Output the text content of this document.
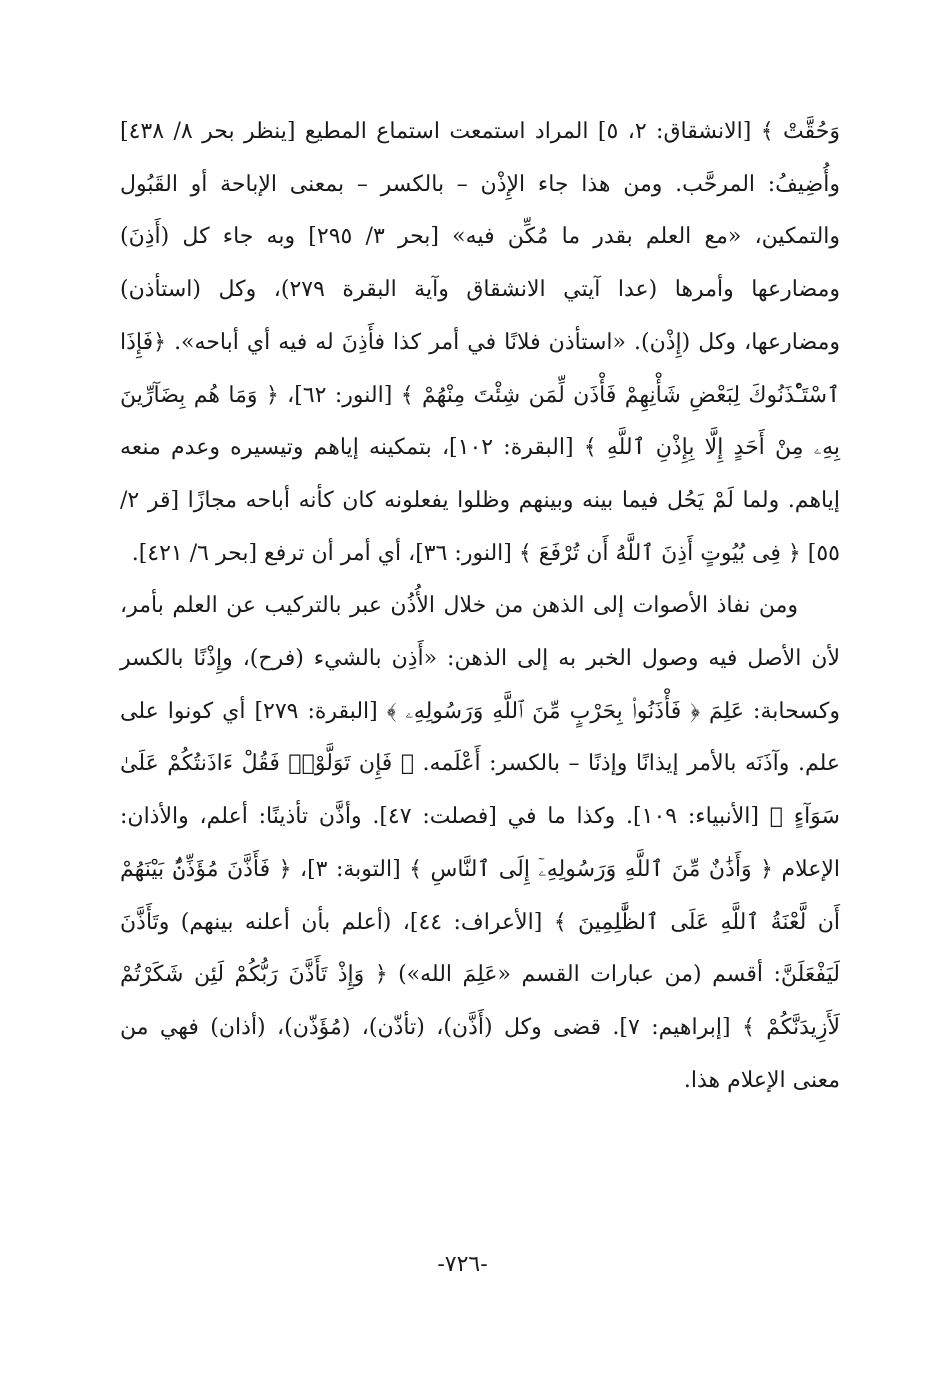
وَحُقَّتْ ﴾ [الانشقاق: ٢، ٥] المراد استمعت استماع المطيع [ينظر بحر ٨/ ٤٣٨] وأُضِيفُ: المرحَّب. ومن هذا جاء الإِذْن – بالكسر – بمعنى الإباحة أو القَبُول والتمكين، «مع العلم بقدر ما مُكِّن فيه» [بحر ٣/ ٢٩٥] وبه جاء كل (أَذِنَ) ومضارعها وأمرها (عدا آيتي الانشقاق وآية البقرة ٢٧٩)، وكل (استأذن) ومضارعها، وكل (إِذْن). «استأذن فلانًا في أمر كذا فأَذِنَ له فيه أي أباحه». ﴿فَإِذَا ٱسْتَـْٔذَنُوكَ لِبَعْضِ شَأْنِهِمْ فَأْذَن لِّمَن شِئْتَ مِنْهُمْ ﴾ [النور: ٦٢]، ﴿ وَمَا هُم بِضَآرِّينَ بِهِۦ مِنْ أَحَدٍ إِلَّا بِإِذْنِ ٱللَّهِ ﴾ [البقرة: ١٠٢]، بتمكينه إياهم وتيسيره وعدم منعه إياهم. ولما لَمْ يَحُل فيما بينه وبينهم وظلوا يفعلونه كان كأنه أباحه مجازًا [قر ٢/ ٥٥] ﴿ فِى بُيُوتٍ أَذِنَ ٱللَّهُ أَن تُرْفَعَ ﴾ [النور: ٣٦]، أي أمر أن ترفع [بحر ٦/ ٤٢١].

ومن نفاذ الأصوات إلى الذهن من خلال الأُذُن عبر بالتركيب عن العلم بأمر، لأن الأصل فيه وصول الخبر به إلى الذهن: «أَذِن بالشيء (فرح)، وإِذْنًا بالكسر وكسحابة: عَلِمَ ﴿ فَأْذَنُوا۟ بِحَرْبٍ مِّنَ ٱللَّهِ وَرَسُولِهِۦ ﴾ [البقرة: ٢٧٩] أي كونوا على علم. وآذَنَه بالأمر إيذانًا وإذنًا – بالكسر: أَعْلَمه. ﴿ فَإِن تَوَلَّوْا۟ فَقُلْ ءَاذَنتُكُمْ عَلَىٰ سَوَآءٍ ﴾ [الأنبياء: ١٠٩]. وكذا ما في [فصلت: ٤٧]. وأذَّن تأذينًا: أعلم، والأذان: الإعلام ﴿ وَأَذَٰنٌ مِّنَ ٱللَّهِ وَرَسُولِهِۦٓ إِلَى ٱلنَّاسِ ﴾ [التوبة: ٣]، ﴿ فَأَذَّنَ مُؤَذِّنٌۢ بَيْنَهُمْ أَن لَّعْنَةُ ٱللَّهِ عَلَى ٱلظَّٰلِمِينَ ﴾ [الأعراف: ٤٤]، (أعلم بأن أعلنه بينهم) وتَأَذَّنَ لَيَفْعَلَنَّ: أقسم (من عبارات القسم «عَلِمَ الله») ﴿ وَإِذْ تَأَذَّنَ رَبُّكُمْ لَئِن شَكَرْتُمْ لَأَزِيدَنَّكُمْ ﴾ [إبراهيم: ٧]. قضى وكل (أَذَّن)، (تأذّن)، (مُؤَذّن)، (أذان) فهي من معنى الإعلام هذا.

-٧٢٦-
